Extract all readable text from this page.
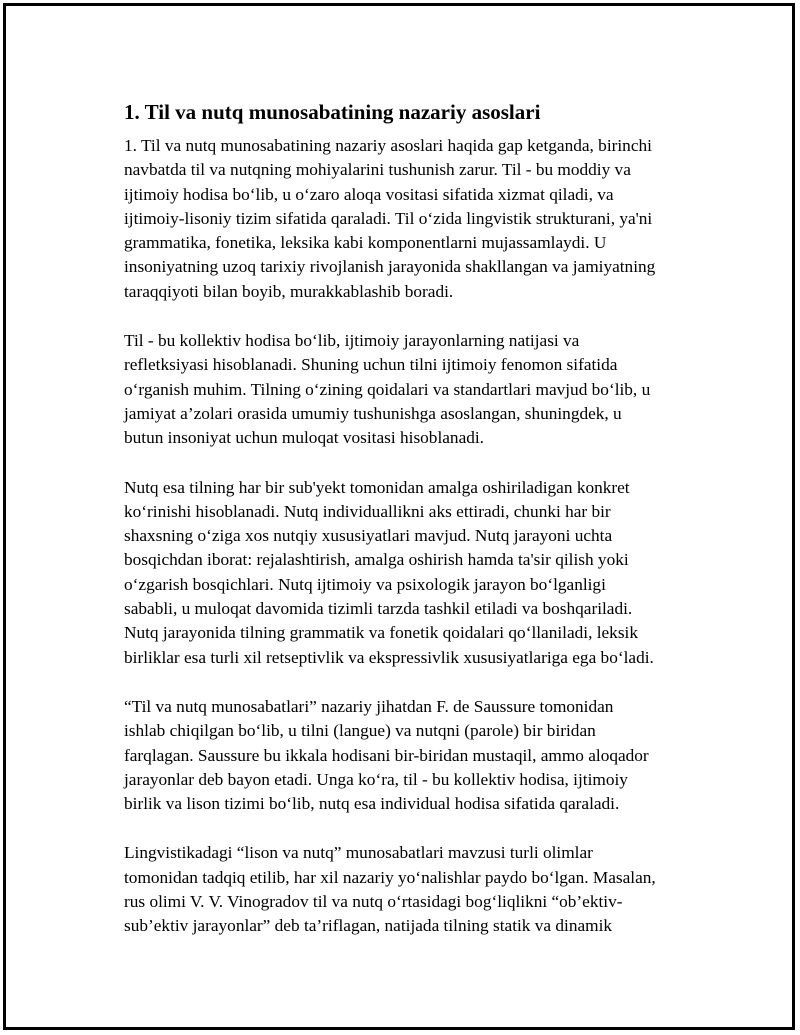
1. Til va nutq munosabatining nazariy asoslari

1. Til va nutq munosabatining nazariy asoslari haqida gap ketganda, birinchi
navbatda til va nutqning mohiyalarini tushunish zarur. Til - bu moddiy va
ijtimoiy hodisa bo‘lib, u o‘zaro aloqa vositasi sifatida xizmat qiladi, va
ijtimoiy-lisoniy tizim sifatida qaraladi. Til o‘zida lingvistik strukturani, ya'ni
grammatika, fonetika, leksika kabi komponentlarni mujassamlaydi. U
insoniyatning uzoq tarixiy rivojlanish jarayonida shakllangan va jamiyatning
taraqqiyoti bilan boyib, murakkablashib boradi.

Til - bu kollektiv hodisa bo‘lib, ijtimoiy jarayonlarning natijasi va
refletksiyasi hisoblanadi. Shuning uchun tilni ijtimoiy fenomon sifatida
o‘rganish muhim. Tilning o‘zining qoidalari va standartlari mavjud bo‘lib, u
jamiyat a’zolari orasida umumiy tushunishga asoslangan, shuningdek, u
butun insoniyat uchun muloqat vositasi hisoblanadi.

Nutq esa tilning har bir sub'yekt tomonidan amalga oshiriladigan konkret
ko‘rinishi hisoblanadi. Nutq individuallikni aks ettiradi, chunki har bir
shaxsning o‘ziga xos nutqiy xususiyatlari mavjud. Nutq jarayoni uchta
bosqichdan iborat: rejalashtirish, amalga oshirish hamda ta'sir qilish yoki
o‘zgarish bosqichlari. Nutq ijtimoiy va psixologik jarayon bo‘lganligi
sababli, u muloqat davomida tizimli tarzda tashkil etiladi va boshqariladi.
Nutq jarayonida tilning grammatik va fonetik qoidalari qo‘llaniladi, leksik
birliklar esa turli xil retseptivlik va ekspressivlik xususiyatlariga ega bo‘ladi.

“Til va nutq munosabatlari” nazariy jihatdan F. de Saussure tomonidan
ishlab chiqilgan bo‘lib, u tilni (langue) va nutqni (parole) bir biridan
farqlagan. Saussure bu ikkala hodisani bir-biridan mustaqil, ammo aloqador
jarayonlar deb bayon etadi. Unga ko‘ra, til - bu kollektiv hodisa, ijtimoiy
birlik va lison tizimi bo‘lib, nutq esa individual hodisa sifatida qaraladi.

Lingvistikadagi “lison va nutq” munosabatlari mavzusi turli olimlar
tomonidan tadqiq etilib, har xil nazariy yo‘nalishlar paydo bo‘lgan. Masalan,
rus olimi V. V. Vinogradov til va nutq o‘rtasidagi bog‘liqlikni “ob’ektiv-
sub’ektiv jarayonlar” deb ta’riflagan, natijada tilning statik va dinamik
